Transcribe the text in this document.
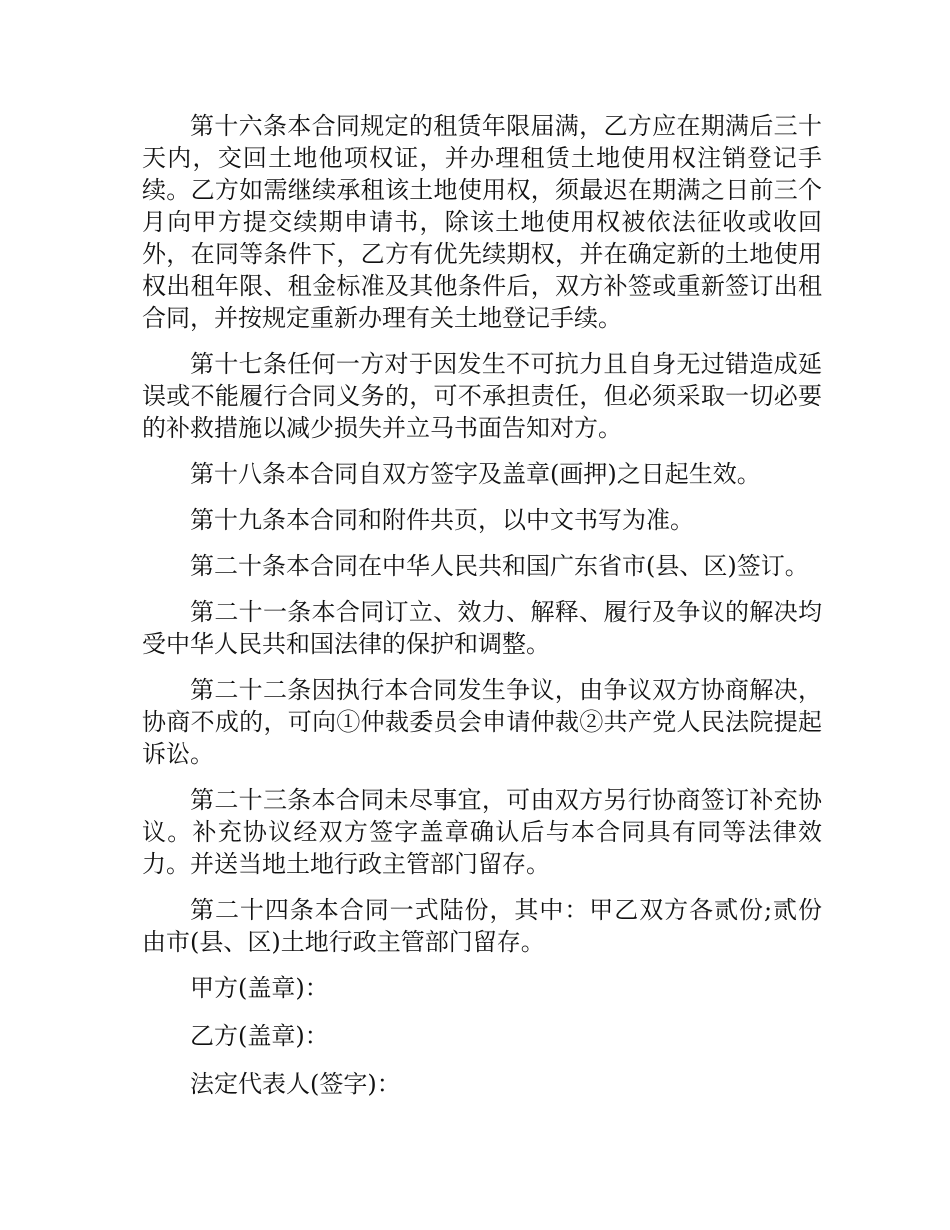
第十六条本合同规定的租赁年限届满，乙方应在期满后三十天内，交回土地他项权证，并办理租赁土地使用权注销登记手续。乙方如需继续承租该土地使用权，须最迟在期满之日前三个月向甲方提交续期申请书，除该土地使用权被依法征收或收回外，在同等条件下，乙方有优先续期权，并在确定新的土地使用权出租年限、租金标准及其他条件后，双方补签或重新签订出租合同，并按规定重新办理有关土地登记手续。

第十七条任何一方对于因发生不可抗力且自身无过错造成延误或不能履行合同义务的，可不承担责任，但必须采取一切必要的补救措施以减少损失并立马书面告知对方。

第十八条本合同自双方签字及盖章(画押)之日起生效。

第十九条本合同和附件共页，以中文书写为准。

第二十条本合同在中华人民共和国广东省市(县、区)签订。

第二十一条本合同订立、效力、解释、履行及争议的解决均受中华人民共和国法律的保护和调整。

第二十二条因执行本合同发生争议，由争议双方协商解决，协商不成的，可向①仲裁委员会申请仲裁②共产党人民法院提起诉讼。

第二十三条本合同未尽事宜，可由双方另行协商签订补充协议。补充协议经双方签字盖章确认后与本合同具有同等法律效力。并送当地土地行政主管部门留存。

第二十四条本合同一式陆份，其中：甲乙双方各贰份;贰份由市(县、区)土地行政主管部门留存。

甲方(盖章)：

乙方(盖章)：

法定代表人(签字)：
